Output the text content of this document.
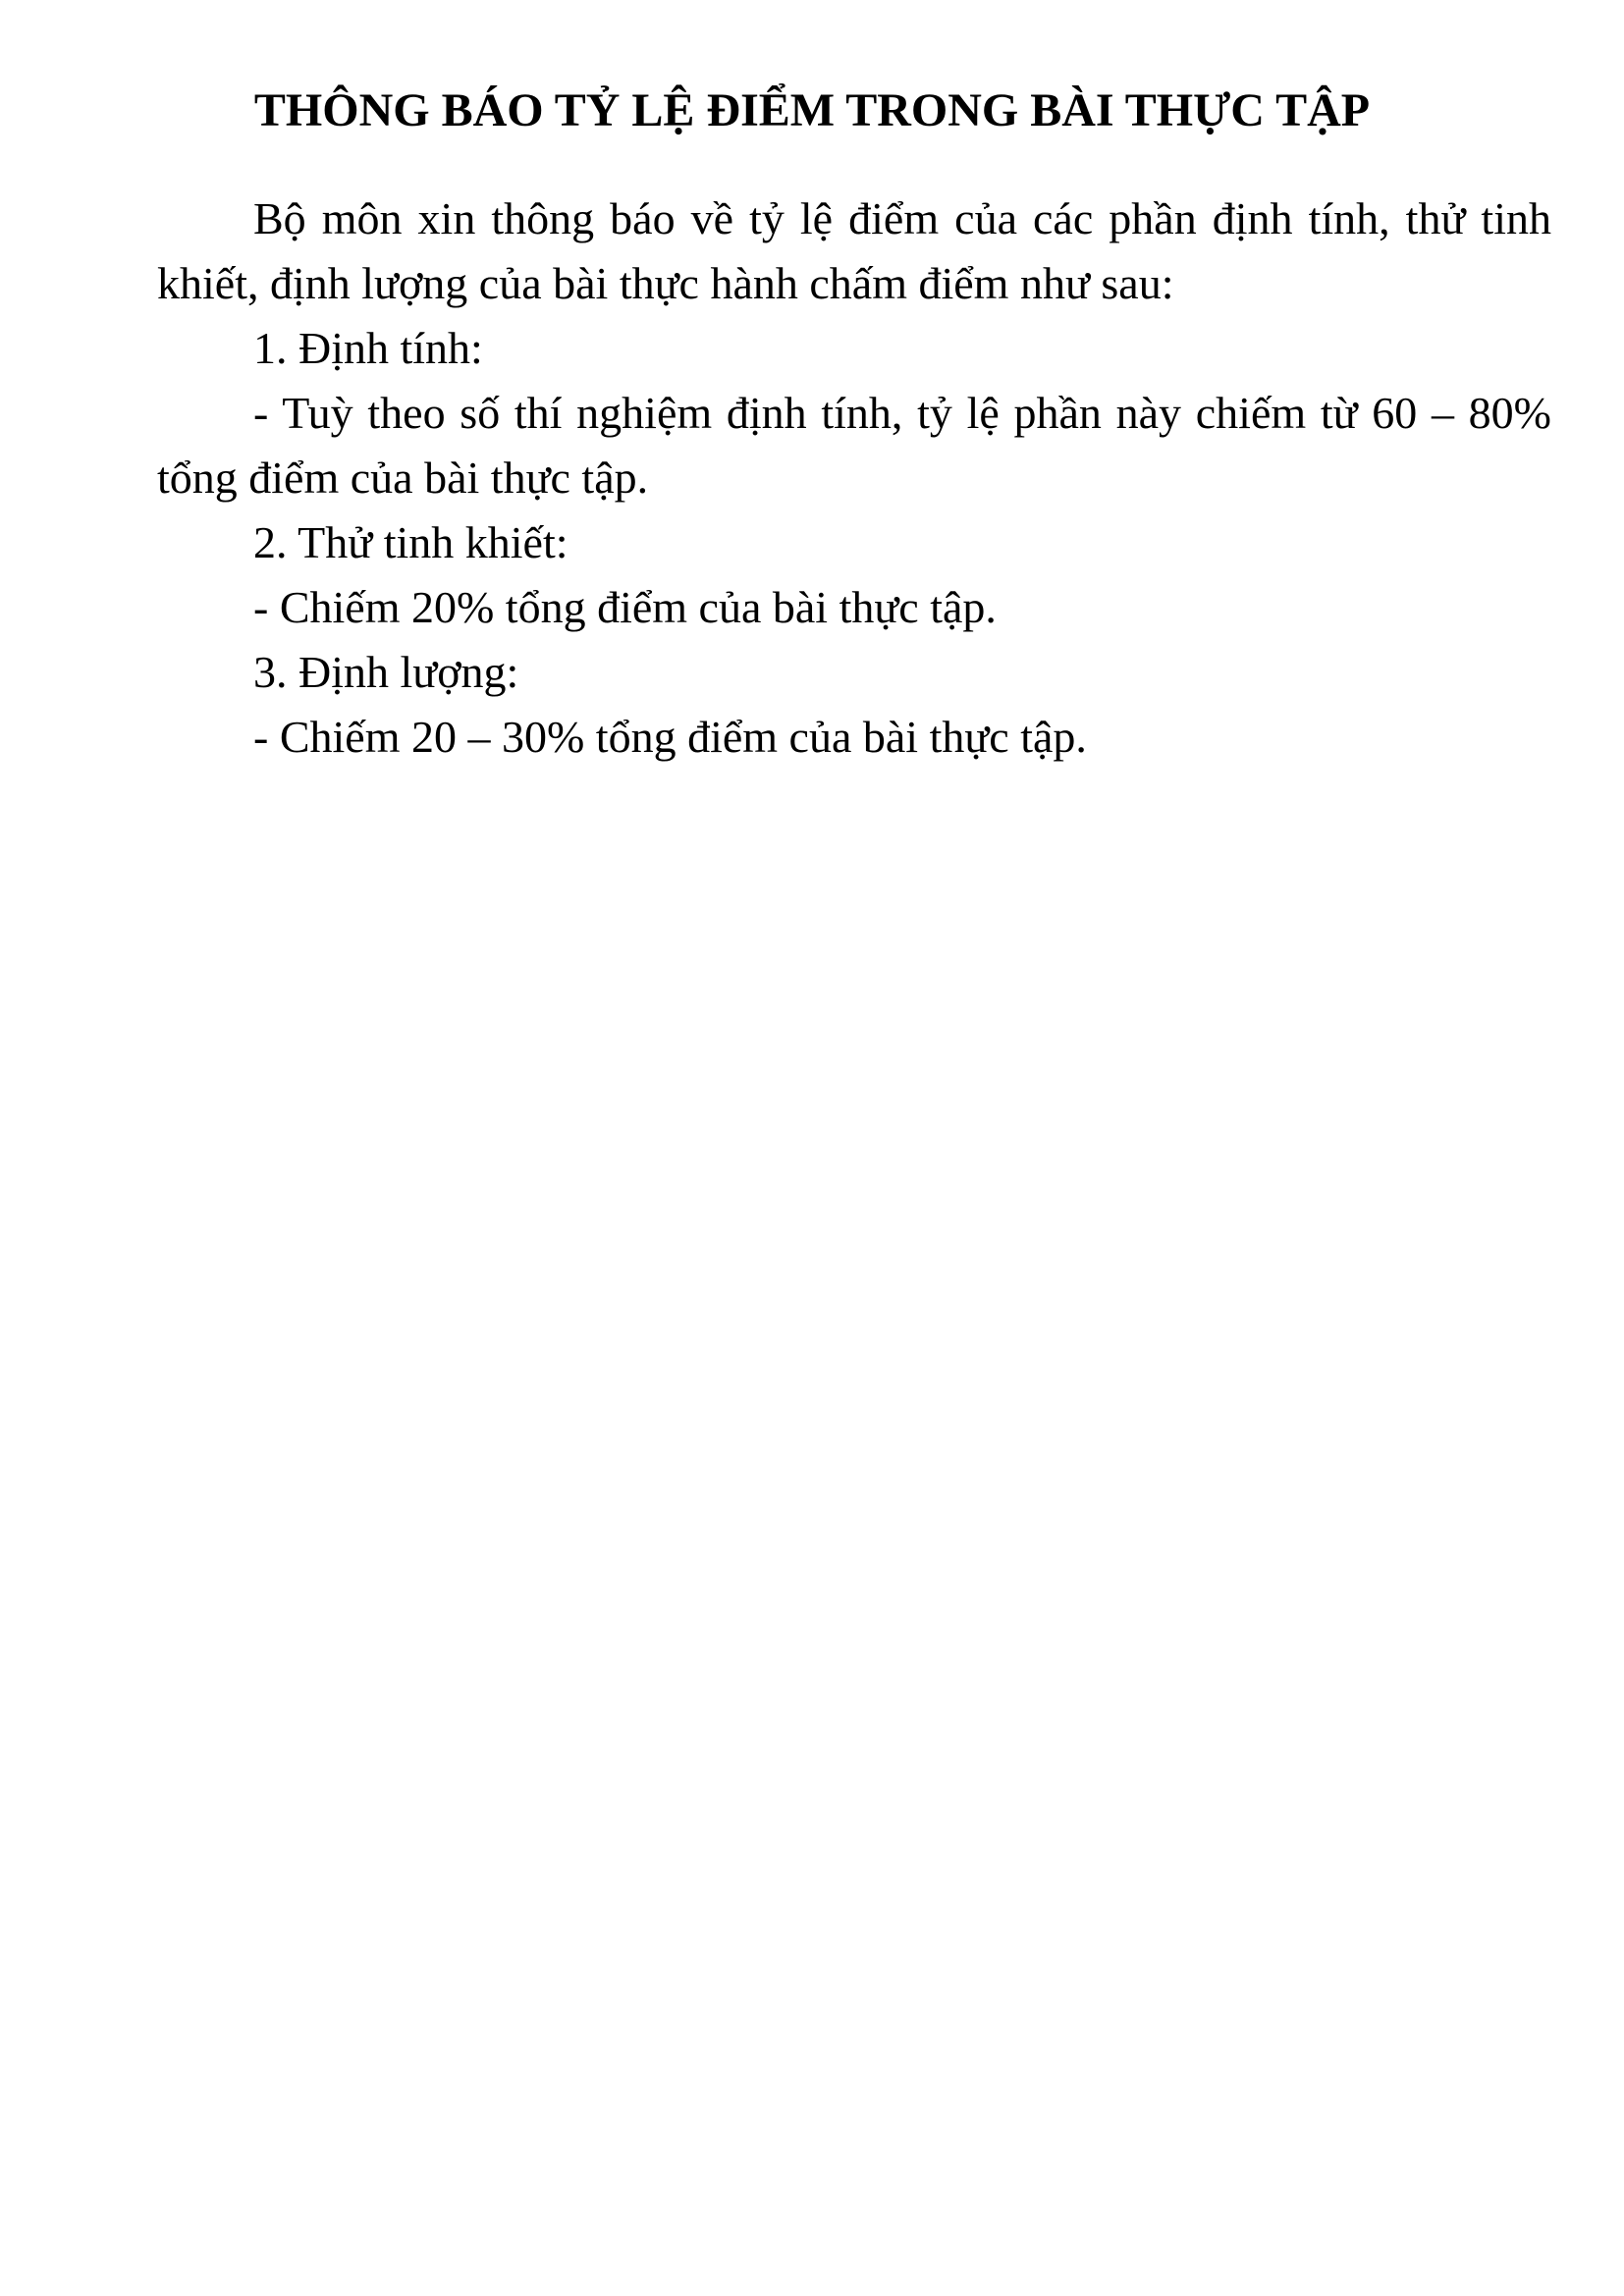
THÔNG BÁO TỶ LỆ ĐIỂM TRONG BÀI THỰC TẬP

Bộ môn xin thông báo về tỷ lệ điểm của các phần định tính, thử tinh khiết, định lượng của bài thực hành chấm điểm như sau:

1. Định tính:

- Tuỳ theo số thí nghiệm định tính, tỷ lệ phần này chiếm từ 60 – 80% tổng điểm của bài thực tập.

2. Thử tinh khiết:

- Chiếm 20% tổng điểm của bài thực tập.

3. Định lượng:

- Chiếm 20 – 30% tổng điểm của bài thực tập.
